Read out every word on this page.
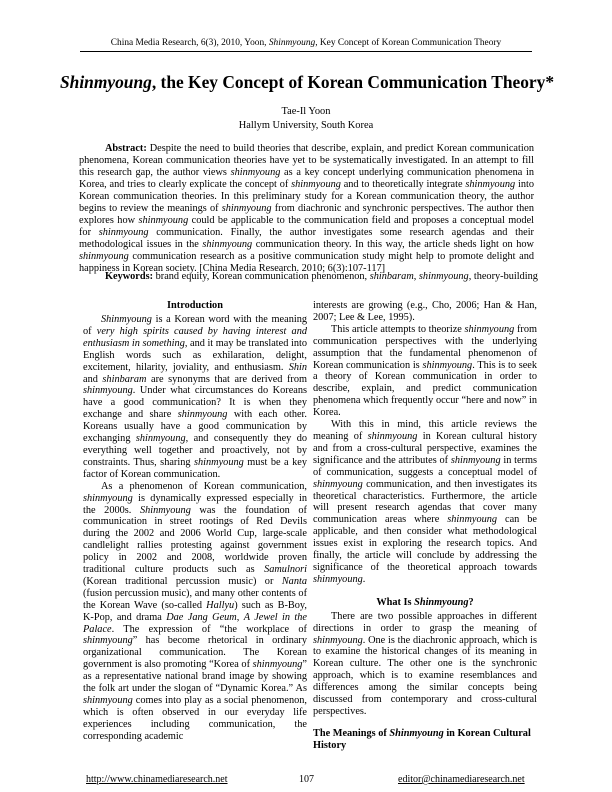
China Media Research, 6(3), 2010, Yoon, Shinmyoung, Key Concept of Korean Communication Theory
Shinmyoung, the Key Concept of Korean Communication Theory*
Tae-Il Yoon
Hallym University, South Korea

Abstract: Despite the need to build theories that describe, explain, and predict Korean communication phenomena, Korean communication theories have yet to be systematically investigated. In an attempt to fill this research gap, the author views shinmyoung as a key concept underlying communication phenomena in Korea, and tries to clearly explicate the concept of shinmyoung and to theoretically integrate shinmyoung into Korean communication theories. In this preliminary study for a Korean communication theory, the author begins to review the meanings of shinmyoung from diachronic and synchronic perspectives. The author then explores how shinmyoung could be applicable to the communication field and proposes a conceptual model for shinmyoung communication. Finally, the author investigates some research agendas and their methodological issues in the shinmyoung communication theory. In this way, the article sheds light on how shinmyoung communication research as a positive communication study might help to promote delight and happiness in Korean society. [China Media Research. 2010; 6(3):107-117]

Keywords: brand equity, Korean communication phenomenon, shinbaram, shinmyoung, theory-building

Introduction

Shinmyoung is a Korean word with the meaning of very high spirits caused by having interest and enthusiasm in something, and it may be translated into English words such as exhilaration, delight, excitement, hilarity, joviality, and enthusiasm. Shin and shinbaram are synonyms that are derived from shinmyoung. Under what circumstances do Koreans have a good communication? It is when they exchange and share shinmyoung with each other. Koreans usually have a good communication by exchanging shinmyoung, and consequently they do everything well together and proactively, not by constraints. Thus, sharing shinmyoung must be a key factor of Korean communication.

As a phenomenon of Korean communication, shinmyoung is dynamically expressed especially in the 2000s. Shinmyoung was the foundation of communication in street rootings of Red Devils during the 2002 and 2006 World Cup, large-scale candlelight rallies protesting against government policy in 2002 and 2008, worldwide proven traditional culture products such as Samulnori (Korean traditional percussion music) or Nanta (fusion percussion music), and many other contents of the Korean Wave (so-called Hallyu) such as B-Boy, K-Pop, and drama Dae Jang Geum, A Jewel in the Palace. The expression of “the workplace of shinmyoung” has become rhetorical in ordinary organizational communication. The Korean government is also promoting “Korea of shinmyoung” as a representative national brand image by showing the folk art under the slogan of “Dynamic Korea.” As shinmyoung comes into play as a social phenomenon, which is often observed in our everyday life experiences including communication, the corresponding academic

interests are growing (e.g., Cho, 2006; Han & Han, 2007; Lee & Lee, 1995).

This article attempts to theorize shinmyoung from communication perspectives with the underlying assumption that the fundamental phenomenon of Korean communication is shinmyoung. This is to seek a theory of Korean communication in order to describe, explain, and predict communication phenomena which frequently occur “here and now” in Korea.

With this in mind, this article reviews the meaning of shinmyoung in Korean cultural history and from a cross-cultural perspective, examines the significance and the attributes of shinmyoung in terms of communication, suggests a conceptual model of shinmyoung communication, and then investigates its theoretical characteristics. Furthermore, the article will present research agendas that cover many communication areas where shinmyoung can be applicable, and then consider what methodological issues exist in exploring the research topics. And finally, the article will conclude by addressing the significance of the theoretical approach towards shinmyoung.

What Is Shinmyoung?

There are two possible approaches in different directions in order to grasp the meaning of shinmyoung. One is the diachronic approach, which is to examine the historical changes of its meaning in Korean culture. The other one is the synchronic approach, which is to examine resemblances and differences among the similar concepts being discussed from contemporary and cross-cultural perspectives.

The Meanings of Shinmyoung in Korean Cultural History
http://www.chinamediaresearch.net	107	editor@chinamediaresearch.net
